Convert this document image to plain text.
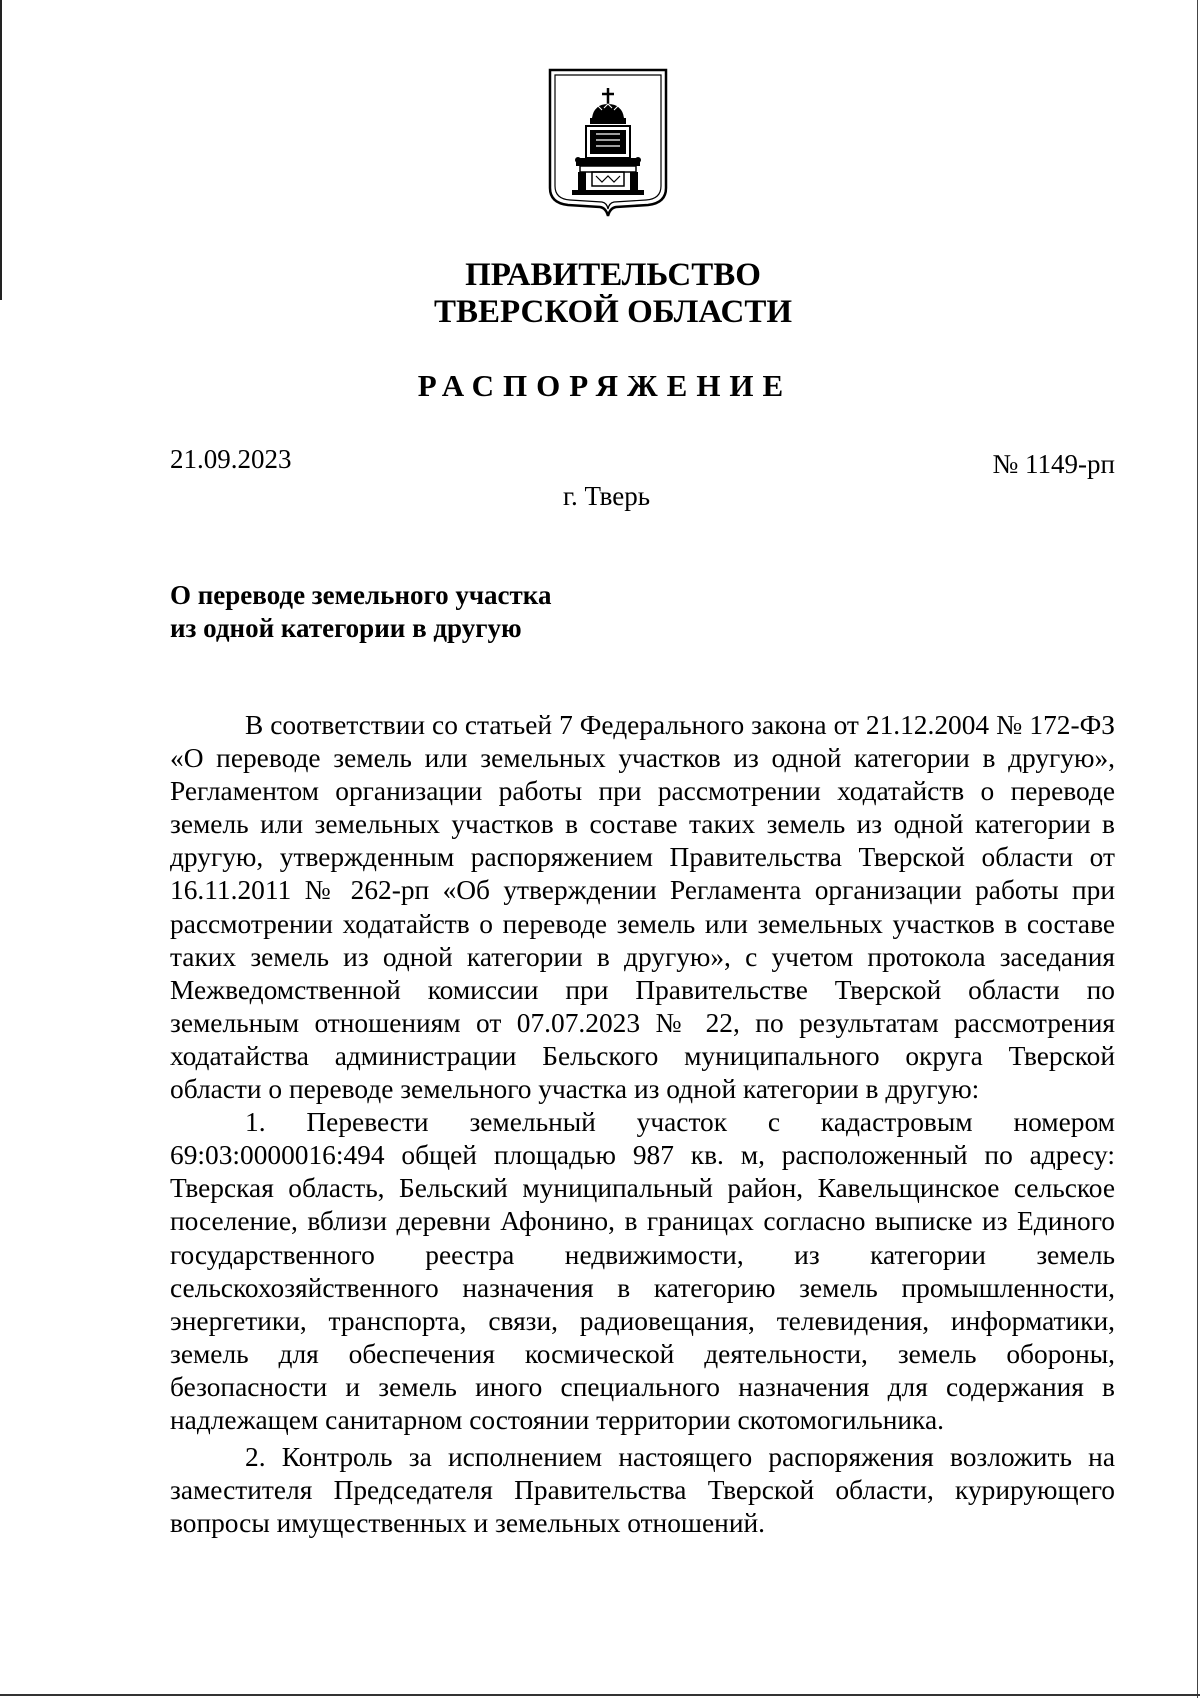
ПРАВИТЕЛЬСТВО
ТВЕРСКОЙ ОБЛАСТИ
РАСПОРЯЖЕНИЕ
21.09.2023	№ 1149-рп
г. Тверь
О переводе земельного участка
из одной категории в другую

В соответствии со статьей 7 Федерального закона от 21.12.2004 № 172-ФЗ «О переводе земель или земельных участков из одной категории в другую», Регламентом организации работы при рассмотрении ходатайств о переводе земель или земельных участков в составе таких земель из одной категории в другую, утвержденным распоряжением Правительства Тверской области от 16.11.2011 № 262-рп «Об утверждении Регламента организации работы при рассмотрении ходатайств о переводе земель или земельных участков в составе таких земель из одной категории в другую», с учетом протокола заседания Межведомственной комиссии при Правительстве Тверской области по земельным отношениям от 07.07.2023 № 22, по результатам рассмотрения ходатайства администрации Бельского муниципального округа Тверской области о переводе земельного участка из одной категории в другую:

1. Перевести земельный участок с кадастровым номером 69:03:0000016:494 общей площадью 987 кв. м, расположенный по адресу: Тверская область, Бельский муниципальный район, Кавельщинское сельское поселение, вблизи деревни Афонино, в границах согласно выписке из Единого государственного реестра недвижимости, из категории земель сельскохозяйственного назначения в категорию земель промышленности, энергетики, транспорта, связи, радиовещания, телевидения, информатики, земель для обеспечения космической деятельности, земель обороны, безопасности и земель иного специального назначения для содержания в надлежащем санитарном состоянии территории скотомогильника.

2. Контроль за исполнением настоящего распоряжения возложить на заместителя Председателя Правительства Тверской области, курирующего вопросы имущественных и земельных отношений.
